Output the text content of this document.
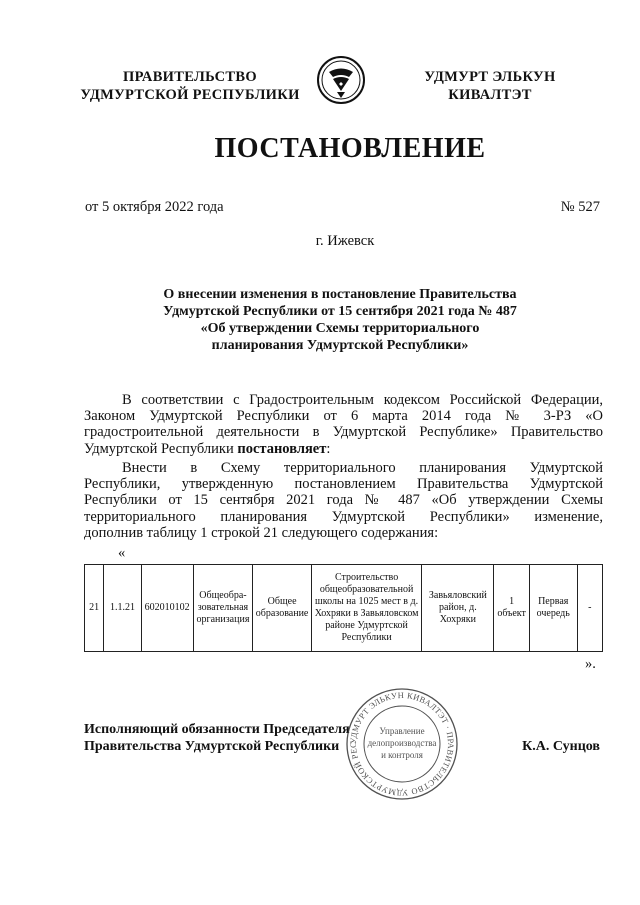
ПРАВИТЕЛЬСТВО
УДМУРТСКОЙ РЕСПУБЛИКИ
УДМУРТ ЭЛЬКУН
КИВАЛТЭТ
ПОСТАНОВЛЕНИЕ
от 5 октября 2022 года	№ 527
г. Ижевск
О внесении изменения в постановление Правительства
Удмуртской Республики от 15 сентября 2021 года № 487
«Об утверждении Схемы территориального
планирования Удмуртской Республики»
В соответствии с Градостроительным кодексом Российской Федерации,
Законом Удмуртской Республики от 6 марта 2014 года № 3-РЗ «О
градостроительной деятельности в Удмуртской Республике» Правительство
Удмуртской Республики постановляет:
Внести в Схему территориального планирования Удмуртской
Республики, утвержденную постановлением Правительства Удмуртской
Республики от 15 сентября 2021 года № 487 «Об утверждении Схемы
территориального планирования Удмуртской Республики» изменение,
дополнив таблицу 1 строкой 21 следующего содержания:
«
21	1.1.21	602010102	Общеобра-зовательная организация	Общее образование	Строительство общеобразовательной школы на 1025 мест в д. Хохряки в Завьяловском районе Удмуртской Республики	Завьяловский район, д. Хохряки	1 объект	Первая очередь	-
».
Исполняющий обязанности Председателя
Правительства Удмуртской Республики	К.А. Сунцов
УДМУРТ ЭЛЬКУН КИВАЛТЭТ · ПРАВИТЕЛЬСТВО УДМУРТСКОЙ РЕС
Управление
делопроизводства
и контроля
